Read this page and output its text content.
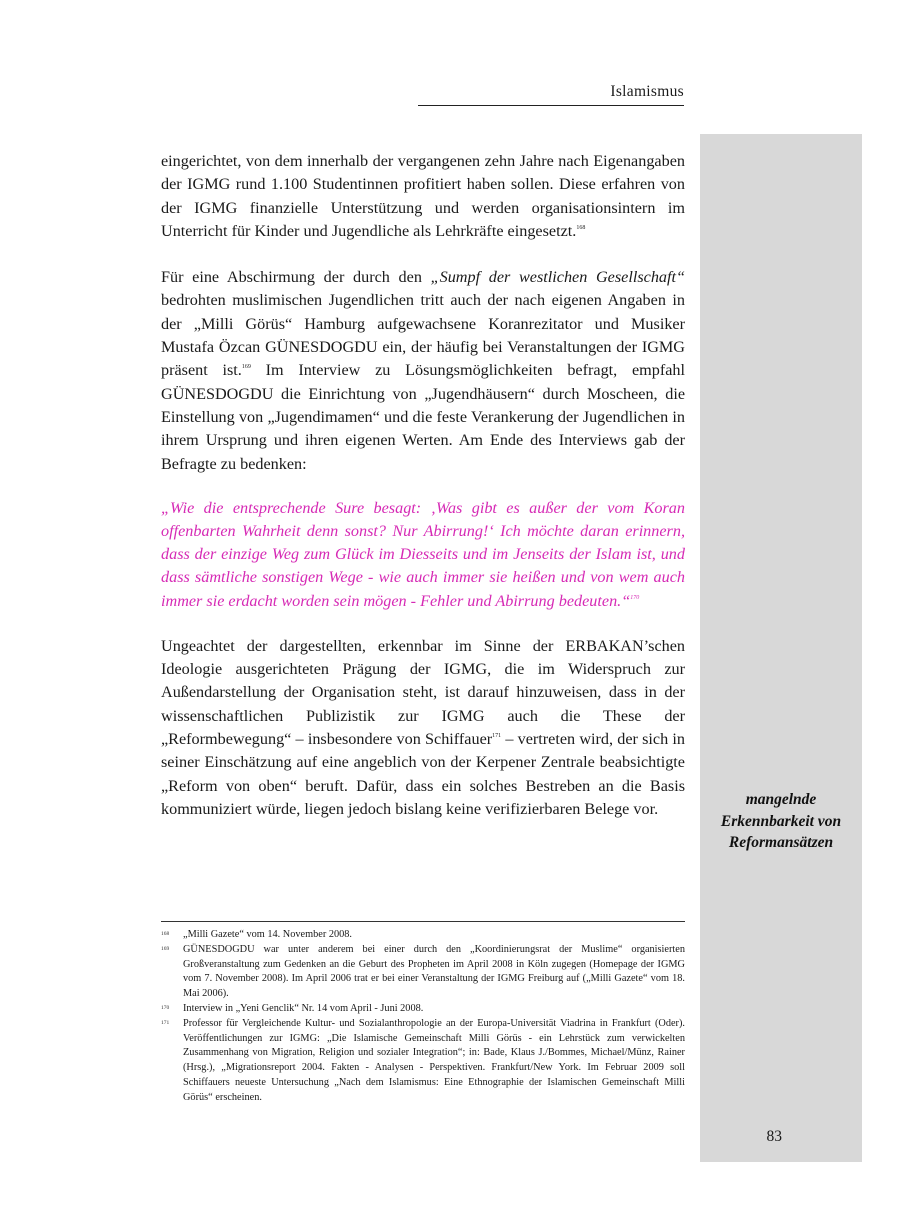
Islamismus
mangelnde Erkennbarkeit von Reformansätzen

eingerichtet, von dem innerhalb der vergangenen zehn Jahre nach Eigenangaben der IGMG rund 1.100 Studentinnen profitiert haben sollen. Diese erfahren von der IGMG finanzielle Unterstützung und werden organisationsintern im Unterricht für Kinder und Jugendliche als Lehrkräfte eingesetzt.$^{168}$

Für eine Abschirmung der durch den „Sumpf der westlichen Gesellschaft“ bedrohten muslimischen Jugendlichen tritt auch der nach eigenen Angaben in der „Milli Görüs“ Hamburg aufgewachsene Koranrezitator und Musiker Mustafa Özcan GÜNESDOGDU ein, der häufig bei Veranstaltungen der IGMG präsent ist.$^{169}$ Im Interview zu Lösungsmöglichkeiten befragt, empfahl GÜNESDOGDU die Einrichtung von „Jugendhäusern“ durch Moscheen, die Einstellung von „Jugendimamen“ und die feste Verankerung der Jugendlichen in ihrem Ursprung und ihren eigenen Werten. Am Ende des Interviews gab der Befragte zu bedenken:

„Wie die entsprechende Sure besagt: ‚Was gibt es außer der vom Koran offenbarten Wahrheit denn sonst? Nur Abirrung!‘ Ich möchte daran erinnern, dass der einzige Weg zum Glück im Diesseits und im Jenseits der Islam ist, und dass sämtliche sonstigen Wege - wie auch immer sie heißen und von wem auch immer sie erdacht worden sein mögen - Fehler und Abirrung bedeuten.“$^{170}$

Ungeachtet der dargestellten, erkennbar im Sinne der ERBAKAN’schen Ideologie ausgerichteten Prägung der IGMG, die im Widerspruch zur Außendarstellung der Organisation steht, ist darauf hinzuweisen, dass in der wissenschaftlichen Publizistik zur IGMG auch die These der „Reformbewegung“ – insbesondere von Schiffauer$^{171}$ – vertreten wird, der sich in seiner Einschätzung auf eine angeblich von der Kerpener Zentrale beabsichtigte „Reform von oben“ beruft. Dafür, dass ein solches Bestreben an die Basis kommuniziert würde, liegen jedoch bislang keine verifizierbaren Belege vor.

168	„Milli Gazete“ vom 14. November 2008.
169	GÜNESDOGDU war unter anderem bei einer durch den „Koordinierungsrat der Muslime“ organisierten Großveranstaltung zum Gedenken an die Geburt des Propheten im April 2008 in Köln zugegen (Homepage der IGMG vom 7. November 2008). Im April 2006 trat er bei einer Veranstaltung der IGMG Freiburg auf („Milli Gazete“ vom 18. Mai 2006).
170	Interview in „Yeni Genclik“ Nr. 14 vom April - Juni 2008.
171	Professor für Vergleichende Kultur- und Sozialanthropologie an der Europa-Universität Viadrina in Frankfurt (Oder). Veröffentlichungen zur IGMG: „Die Islamische Gemeinschaft Milli Görüs - ein Lehrstück zum verwickelten Zusammenhang von Migration, Religion und sozialer Integration“; in: Bade, Klaus J./Bommes, Michael/Münz, Rainer (Hrsg.), „Migrationsreport 2004. Fakten - Analysen - Perspektiven. Frankfurt/New York. Im Februar 2009 soll Schiffauers neueste Untersuchung „Nach dem Islamismus: Eine Ethnographie der Islamischen Gemeinschaft Milli Görüs“ erscheinen.
83
